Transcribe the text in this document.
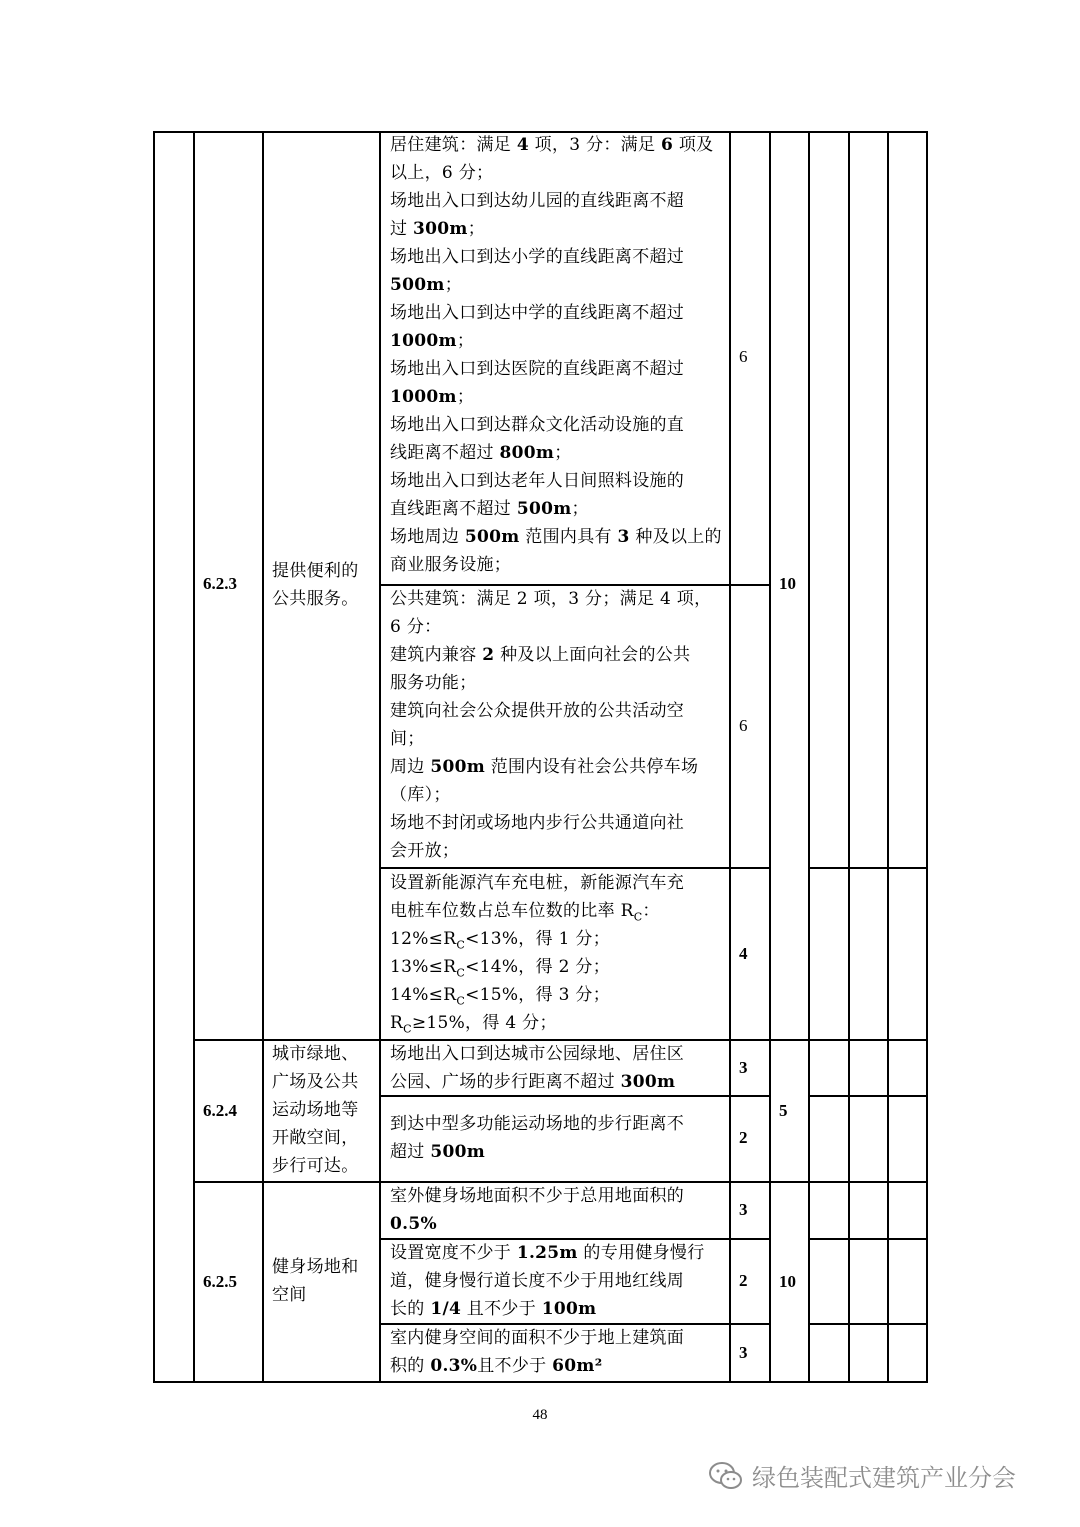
6.2.3
提供便利的
公共服务。
居住建筑：满足 4 项，3 分：满足 6 项及
以上，6 分；
场地出入口到达幼儿园的直线距离不超
过 300m；
场地出入口到达小学的直线距离不超过
500m；
场地出入口到达中学的直线距离不超过
1000m；
场地出入口到达医院的直线距离不超过
1000m；
场地出入口到达群众文化活动设施的直
线距离不超过 800m；
场地出入口到达老年人日间照料设施的
直线距离不超过 500m；
场地周边 500m 范围内具有 3 种及以上的
商业服务设施；
6
公共建筑：满足 2 项，3 分；满足 4 项，
6 分：
建筑内兼容 2 种及以上面向社会的公共
服务功能；
建筑向社会公众提供开放的公共活动空
间；
周边 500m 范围内设有社会公共停车场
（库）；
场地不封闭或场地内步行公共通道向社
会开放；
6
设置新能源汽车充电桩，新能源汽车充
电桩车位数占总车位数的比率 $R_C$：
$12\%\le R_C<13\%$，得 1 分；
$13\%\le R_C<14\%$，得 2 分；
$14\%\le R_C<15\%$，得 3 分；
$R_C\ge 15\%$，得 4 分；
4
10
6.2.4
城市绿地、
广场及公共
运动场地等
开敞空间，
步行可达。
场地出入口到达城市公园绿地、居住区
公园、广场的步行距离不超过 300m
3
到达中型多功能运动场地的步行距离不
超过 500m
2
5
6.2.5
健身场地和
空间
室外健身场地面积不少于总用地面积的
0.5%
3
设置宽度不少于 1.25m 的专用健身慢行
道，健身慢行道长度不少于用地红线周
长的 1/4 且不少于 100m
2
室内健身空间的面积不少于地上建筑面
积的 0.3%且不少于 60m²
3
10
48
绿色装配式建筑产业分会
